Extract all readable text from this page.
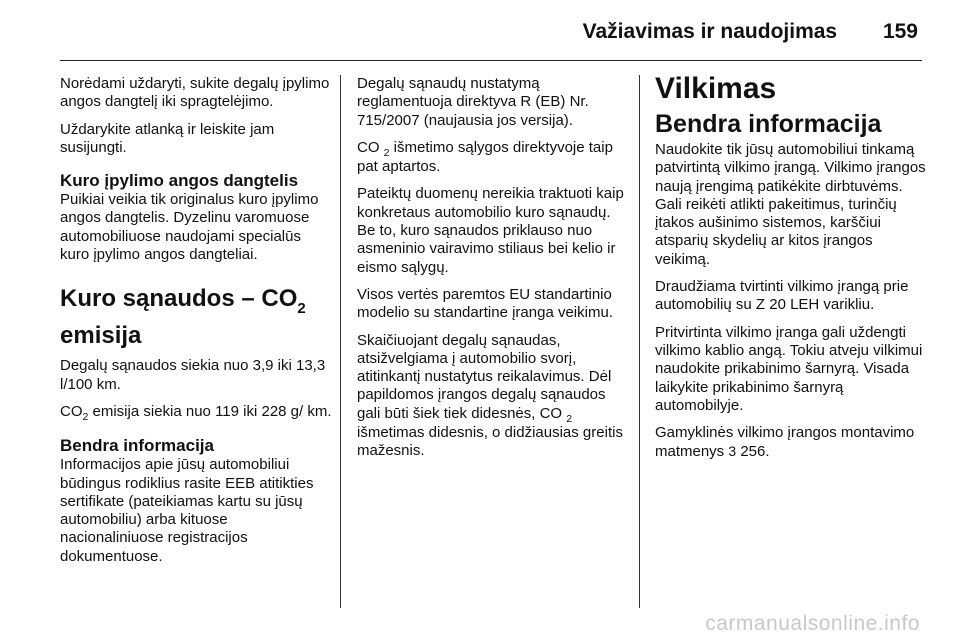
Važiavimas ir naudojimas 159

Norėdami uždaryti, sukite degalų įpylimo angos dangtelį iki spragtelėjimo.

Uždarykite atlanką ir leiskite jam susijungti.

Kuro įpylimo angos dangtelis

Puikiai veikia tik originalus kuro įpylimo angos dangtelis. Dyzelinu varomuose automobiliuose naudojami specialūs kuro įpylimo angos dangteliai.

Kuro sąnaudos – $CO_2$
emisija

Degalų sąnaudos siekia nuo 3,9 iki 13,3 l/100 km.

$CO_2$ emisija siekia nuo 119 iki 228 g/ km.

Bendra informacija

Informacijos apie jūsų automobiliui būdingus rodiklius rasite EEB atitikties sertifikate (pateikiamas kartu su jūsų automobiliu) arba kituose nacionaliniuose registracijos dokumentuose.

Degalų sąnaudų nustatymą reglamentuoja direktyva R (EB) Nr. 715/2007 (naujausia jos versija).

CO $_2$ išmetimo sąlygos direktyvoje taip pat aptartos.

Pateiktų duomenų nereikia traktuoti kaip konkretaus automobilio kuro sąnaudų. Be to, kuro sąnaudos priklauso nuo asmeninio vairavimo stiliaus bei kelio ir eismo sąlygų.

Visos vertės paremtos EU standartinio modelio su standartine įranga veikimu.

Skaičiuojant degalų sąnaudas, atsižvelgiama į automobilio svorį, atitinkantį nustatytus reikalavimus. Dėl papildomos įrangos degalų sąnaudos gali būti šiek tiek didesnės, CO $_2$ išmetimas didesnis, o didžiausias greitis mažesnis.

Vilkimas
Bendra informacija

Naudokite tik jūsų automobiliui tinkamą patvirtintą vilkimo įrangą. Vilkimo įrangos naują įrengimą patikėkite dirbtuvėms. Gali reikėti atlikti pakeitimus, turinčių įtakos aušinimo sistemos, karščiui atsparių skydelių ar kitos įrangos veikimą.

Draudžiama tvirtinti vilkimo įrangą prie automobilių su Z 20 LEH varikliu.

Pritvirtinta vilkimo įranga gali uždengti vilkimo kablio angą. Tokiu atveju vilkimui naudokite prikabinimo šarnyrą. Visada laikykite prikabinimo šarnyrą automobilyje.

Gamyklinės vilkimo įrangos montavimo matmenys 3 256.

carmanualsonline.info
